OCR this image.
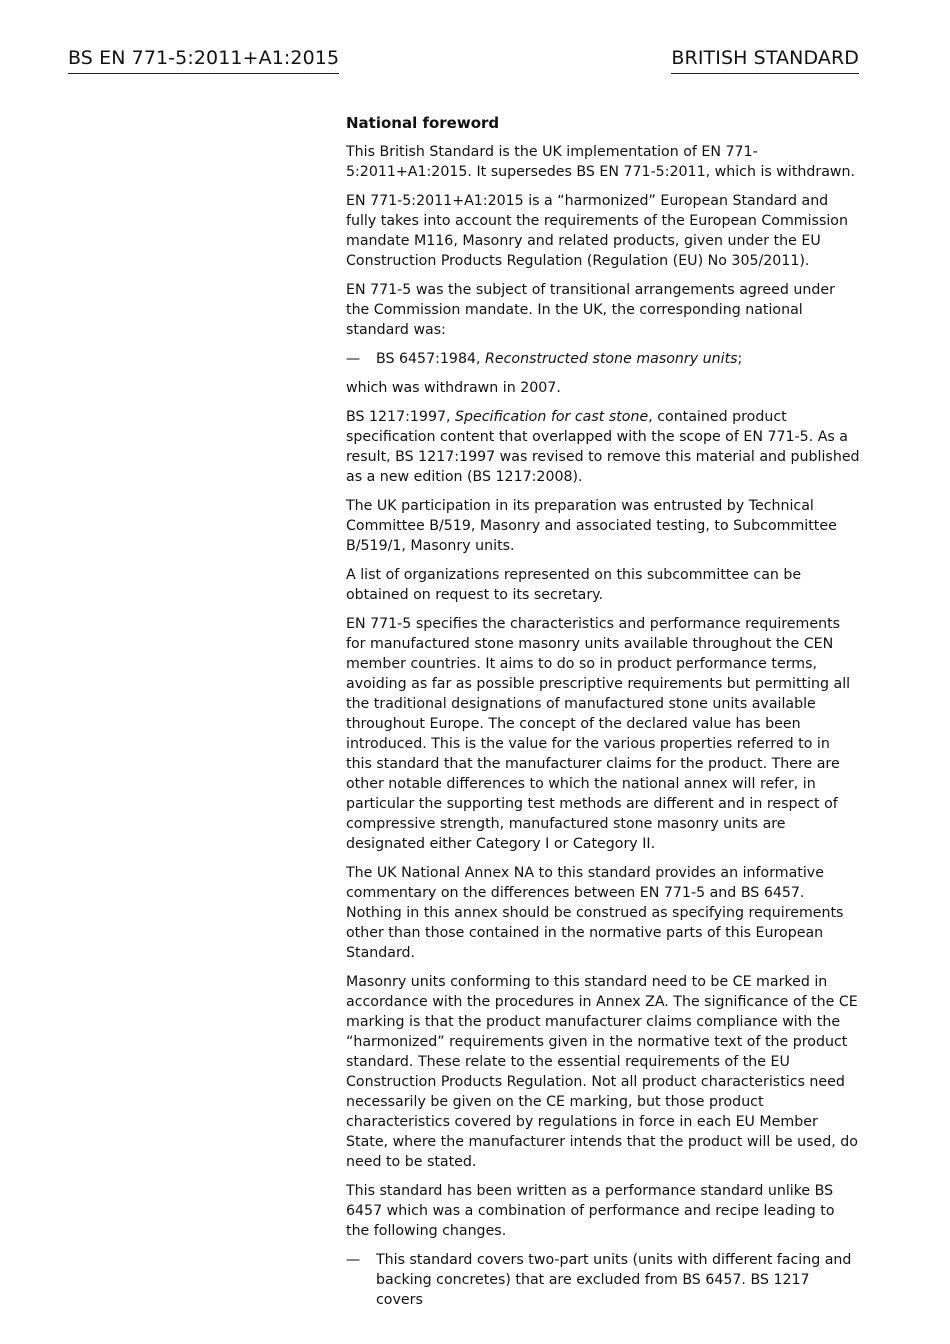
BS EN 771-5:2011+A1:2015	BRITISH STANDARD

National foreword

This British Standard is the UK implementation of EN 771-5:2011+A1:2015. It supersedes BS EN 771-5:2011, which is withdrawn.

EN 771-5:2011+A1:2015 is a “harmonized” European Standard and fully takes into account the requirements of the European Commission mandate M116, Masonry and related products, given under the EU Construction Products Regulation (Regulation (EU) No 305/2011).

EN 771-5 was the subject of transitional arrangements agreed under the Commission mandate. In the UK, the corresponding national standard was:

—	BS 6457:1984, Reconstructed stone masonry units;

which was withdrawn in 2007.

BS 1217:1997, Specification for cast stone, contained product specification content that overlapped with the scope of EN 771-5. As a result, BS 1217:1997 was revised to remove this material and published as a new edition (BS 1217:2008).

The UK participation in its preparation was entrusted by Technical Committee B/519, Masonry and associated testing, to Subcommittee B/519/1, Masonry units.

A list of organizations represented on this subcommittee can be obtained on request to its secretary.

EN 771-5 specifies the characteristics and performance requirements for manufactured stone masonry units available throughout the CEN member countries. It aims to do so in product performance terms, avoiding as far as possible prescriptive requirements but permitting all the traditional designations of manufactured stone units available throughout Europe. The concept of the declared value has been introduced. This is the value for the various properties referred to in this standard that the manufacturer claims for the product. There are other notable differences to which the national annex will refer, in particular the supporting test methods are different and in respect of compressive strength, manufactured stone masonry units are designated either Category I or Category II.

The UK National Annex NA to this standard provides an informative commentary on the differences between EN 771-5 and BS 6457. Nothing in this annex should be construed as specifying requirements other than those contained in the normative parts of this European Standard.

Masonry units conforming to this standard need to be CE marked in accordance with the procedures in Annex ZA. The significance of the CE marking is that the product manufacturer claims compliance with the “harmonized” requirements given in the normative text of the product standard. These relate to the essential requirements of the EU Construction Products Regulation. Not all product characteristics need necessarily be given on the CE marking, but those product characteristics covered by regulations in force in each EU Member State, where the manufacturer intends that the product will be used, do need to be stated.

This standard has been written as a performance standard unlike BS 6457 which was a combination of performance and recipe leading to the following changes.

—	This standard covers two-part units (units with different facing and backing concretes) that are excluded from BS 6457. BS 1217 covers
